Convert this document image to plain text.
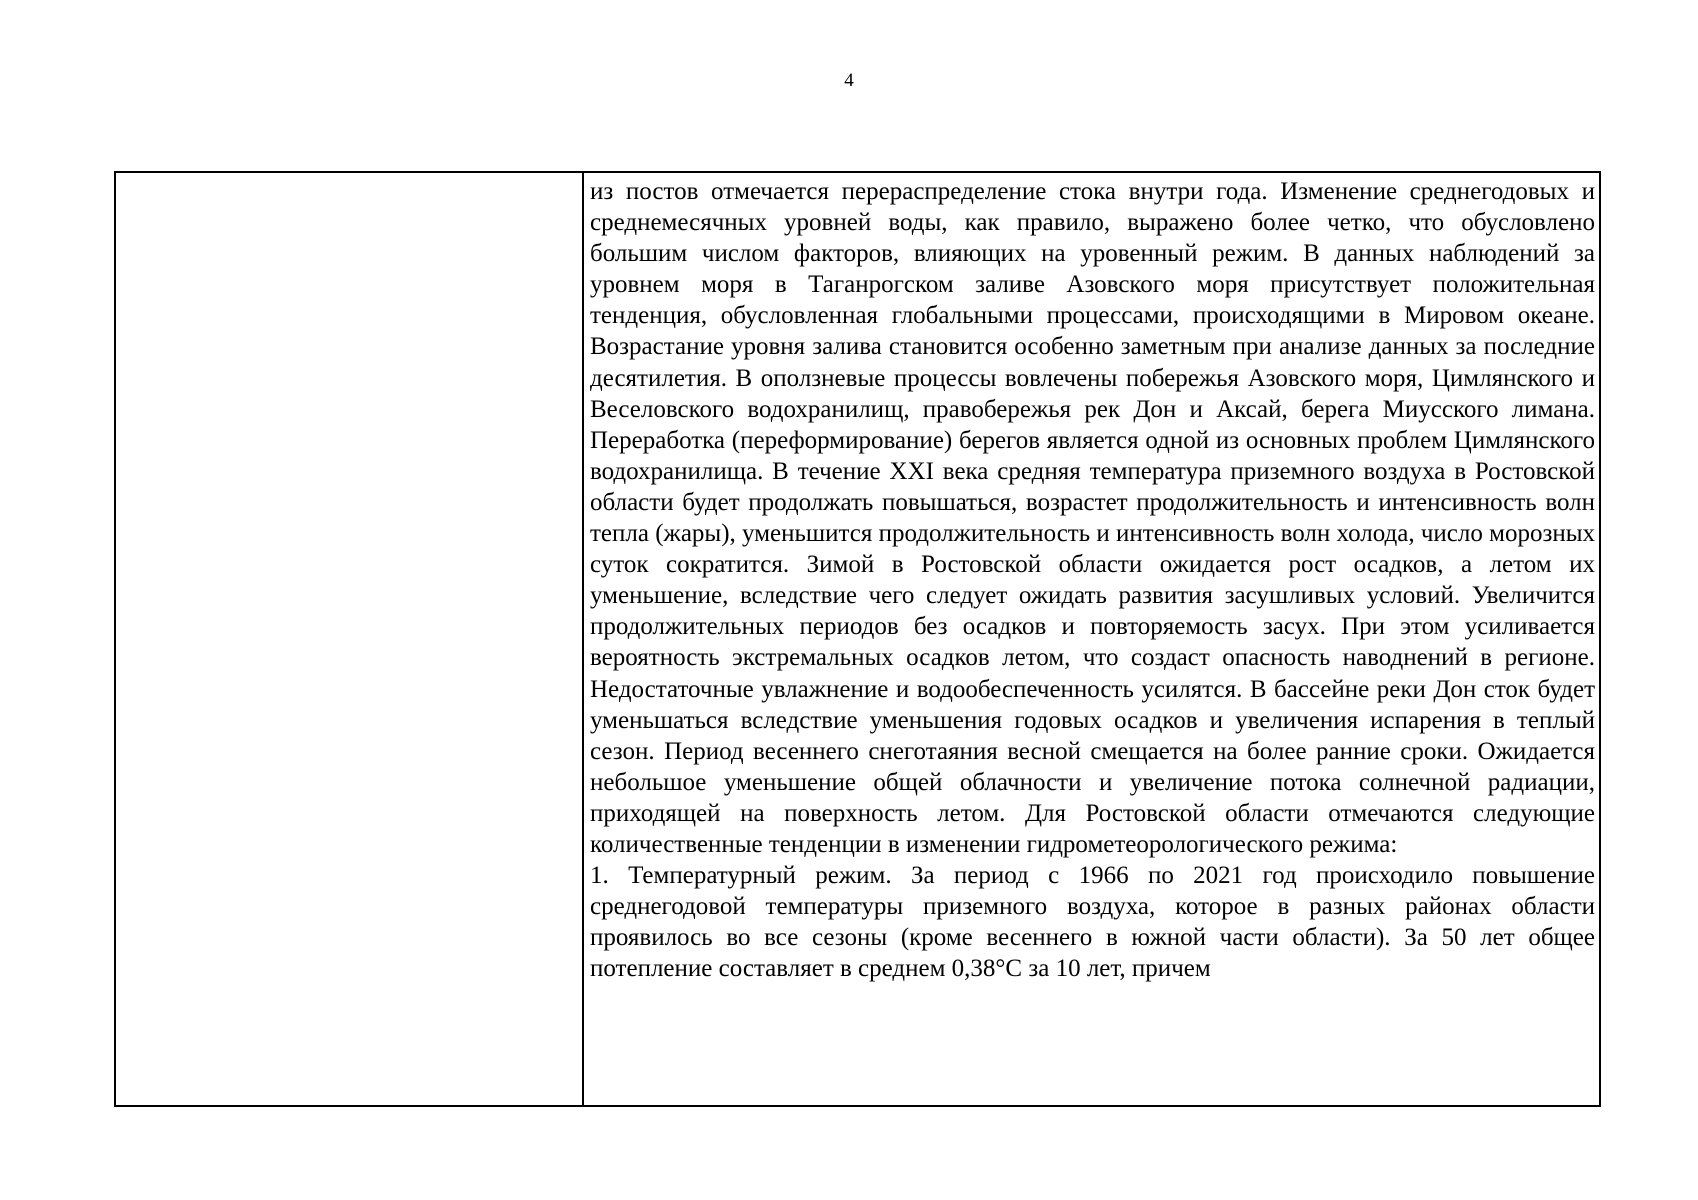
4

из постов отмечается перераспределение стока внутри года. Изменение среднегодовых и среднемесячных уровней воды, как правило, выражено более четко, что обусловлено большим числом факторов, влияющих на уровенный режим. В данных наблюдений за уровнем моря в Таганрогском заливе Азовского моря присутствует положительная тенденция, обусловленная глобальными процессами, происходящими в Мировом океане. Возрастание уровня залива становится особенно заметным при анализе данных за последние десятилетия. В оползневые процессы вовлечены побережья Азовского моря, Цимлянского и Веселовского водохранилищ, правобережья рек Дон и Аксай, берега Миусского лимана. Переработка (переформирование) берегов является одной из основных проблем Цимлянского водохранилища. В течение XXI века средняя температура приземного воздуха в Ростовской области будет продолжать повышаться, возрастет продолжительность и интенсивность волн тепла (жары), уменьшится продолжительность и интенсивность волн холода, число морозных суток сократится. Зимой в Ростовской области ожидается рост осадков, а летом их уменьшение, вследствие чего следует ожидать развития засушливых условий. Увеличится продолжительных периодов без осадков и повторяемость засух. При этом усиливается вероятность экстремальных осадков летом, что создаст опасность наводнений в регионе. Недостаточные увлажнение и водообеспеченность усилятся. В бассейне реки Дон сток будет уменьшаться вследствие уменьшения годовых осадков и увеличения испарения в теплый сезон. Период весеннего снеготаяния весной смещается на более ранние сроки. Ожидается небольшое уменьшение общей облачности и увеличение потока солнечной радиации, приходящей на поверхность летом. Для Ростовской области отмечаются следующие количественные тенденции в изменении гидрометеорологического режима:

1. Температурный режим. За период с 1966 по 2021 год происходило повышение среднегодовой температуры приземного воздуха, которое в разных районах области проявилось во все сезоны (кроме весеннего в южной части области). За 50 лет общее потепление составляет в среднем 0,38°С за 10 лет, причем
